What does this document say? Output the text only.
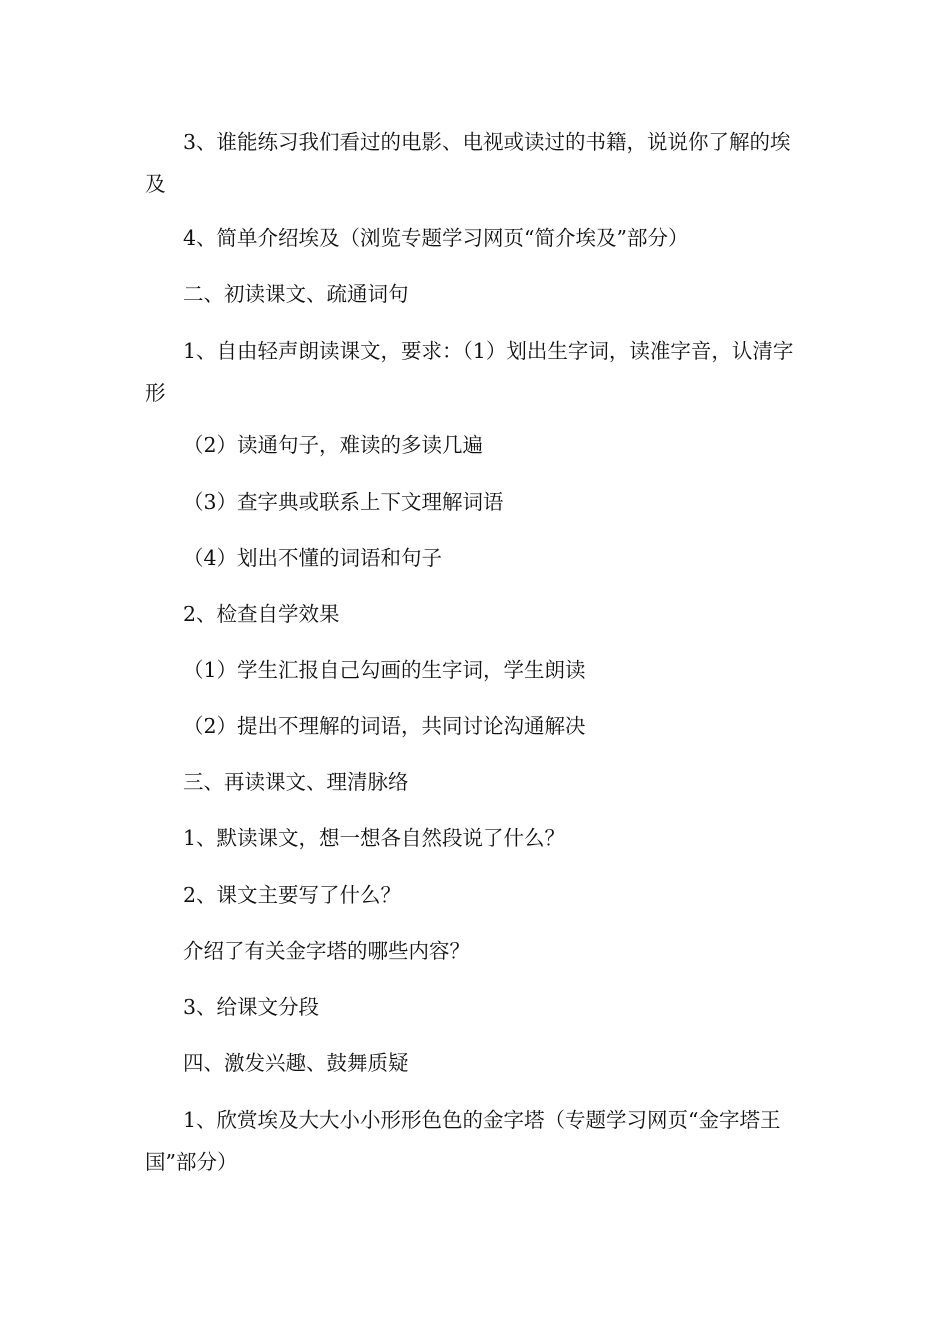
3、谁能练习我们看过的电影、电视或读过的书籍，说说你了解的埃及

4、简单介绍埃及（浏览专题学习网页“简介埃及”部分）

二、初读课文、疏通词句

1、自由轻声朗读课文，要求：（1）划出生字词，读准字音，认清字形

（2）读通句子，难读的多读几遍

（3）查字典或联系上下文理解词语

（4）划出不懂的词语和句子

2、检查自学效果

（1）学生汇报自己勾画的生字词，学生朗读

（2）提出不理解的词语，共同讨论沟通解决

三、再读课文、理清脉络

1、默读课文，想一想各自然段说了什么？

2、课文主要写了什么？

介绍了有关金字塔的哪些内容？

3、给课文分段

四、激发兴趣、鼓舞质疑

1、欣赏埃及大大小小形形色色的金字塔（专题学习网页“金字塔王国”部分）
